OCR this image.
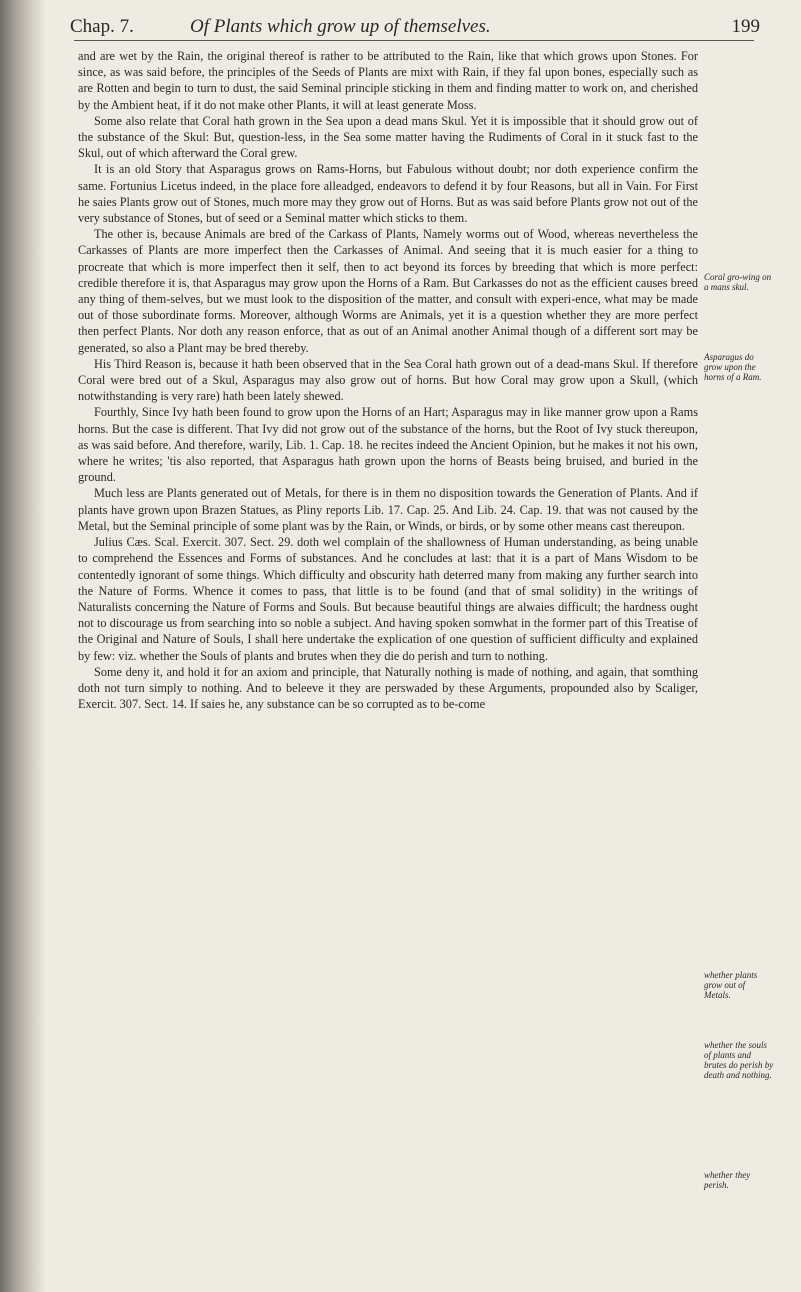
Chap. 7.	Of Plants which grow up of themselves.	199

and are wet by the Rain, the original thereof is rather to be attributed to the Rain, like that which grows upon Stones. For since, as was said before, the principles of the Seeds of Plants are mixt with Rain, if they fal upon bones, especially such as are Rotten and begin to turn to dust, the said Seminal principle sticking in them and finding matter to work on, and cherished by the Ambient heat, if it do not make other Plants, it will at least generate Moss.

Some also relate that Coral hath grown in the Sea upon a dead mans Skul. Yet it is impossible that it should grow out of the substance of the Skul: But, question-less, in the Sea some matter having the Rudiments of Coral in it stuck fast to the Skul, out of which afterward the Coral grew.

It is an old Story that Asparagus grows on Rams-Horns, but Fabulous without doubt; nor doth experience confirm the same. Fortunius Licetus indeed, in the place fore alleadged, endeavors to defend it by four Reasons, but all in Vain. For First he saies Plants grow out of Stones, much more may they grow out of Horns. But as was said before Plants grow not out of the very substance of Stones, but of seed or a Seminal matter which sticks to them.

The other is, because Animals are bred of the Carkass of Plants, Namely worms out of Wood, whereas nevertheless the Carkasses of Plants are more imperfect then the Carkasses of Animal. And seeing that it is much easier for a thing to procreate that which is more imperfect then it self, then to act beyond its forces by breeding that which is more perfect: credible therefore it is, that Asparagus may grow upon the Horns of a Ram. But Carkasses do not as the efficient causes breed any thing of them-selves, but we must look to the disposition of the matter, and consult with experi-ence, what may be made out of those subordinate forms. Moreover, although Worms are Animals, yet it is a question whether they are more perfect then perfect Plants. Nor doth any reason enforce, that as out of an Animal another Animal though of a different sort may be generated, so also a Plant may be bred thereby.

His Third Reason is, because it hath been observed that in the Sea Coral hath grown out of a dead-mans Skul. If therefore Coral were bred out of a Skul, Asparagus may also grow out of horns. But how Coral may grow upon a Skull, (which notwithstanding is very rare) hath been lately shewed.

Fourthly, Since Ivy hath been found to grow upon the Horns of an Hart; Asparagus may in like manner grow upon a Rams horns. But the case is different. That Ivy did not grow out of the substance of the horns, but the Root of Ivy stuck thereupon, as was said before. And therefore, warily, Lib. 1. Cap. 18. he recites indeed the Ancient Opinion, but he makes it not his own, where he writes; 'tis also reported, that Asparagus hath grown upon the horns of Beasts being bruised, and buried in the ground.

Much less are Plants generated out of Metals, for there is in them no disposition towards the Generation of Plants. And if plants have grown upon Brazen Statues, as Pliny reports Lib. 17. Cap. 25. And Lib. 24. Cap. 19. that was not caused by the Metal, but the Seminal principle of some plant was by the Rain, or Winds, or birds, or by some other means cast thereupon.

Julius Cæs. Scal. Exercit. 307. Sect. 29. doth wel complain of the shallowness of Human understanding, as being unable to comprehend the Essences and Forms of substances. And he concludes at last: that it is a part of Mans Wisdom to be contentedly ignorant of some things. Which difficulty and obscurity hath deterred many from making any further search into the Nature of Forms. Whence it comes to pass, that little is to be found (and that of smal solidity) in the writings of Naturalists concerning the Nature of Forms and Souls. But because beautiful things are alwaies difficult; the hardness ought not to discourage us from searching into so noble a subject. And having spoken somwhat in the former part of this Treatise of the Original and Nature of Souls, I shall here undertake the explication of one question of sufficient difficulty and explained by few: viz. whether the Souls of plants and brutes when they die do perish and turn to nothing.

Some deny it, and hold it for an axiom and principle, that Naturally nothing is made of nothing, and again, that somthing doth not turn simply to nothing. And to beleeve it they are perswaded by these Arguments, propounded also by Scaliger, Exercit. 307. Sect. 14. If saies he, any substance can be so corrupted as to be-come

Coral gro-wing on a mans skul.
Asparagus do grow upon the horns of a Ram.
whether plants grow out of Metals.
whether the souls of plants and brutes do perish by death and nothing.
whether they perish.
